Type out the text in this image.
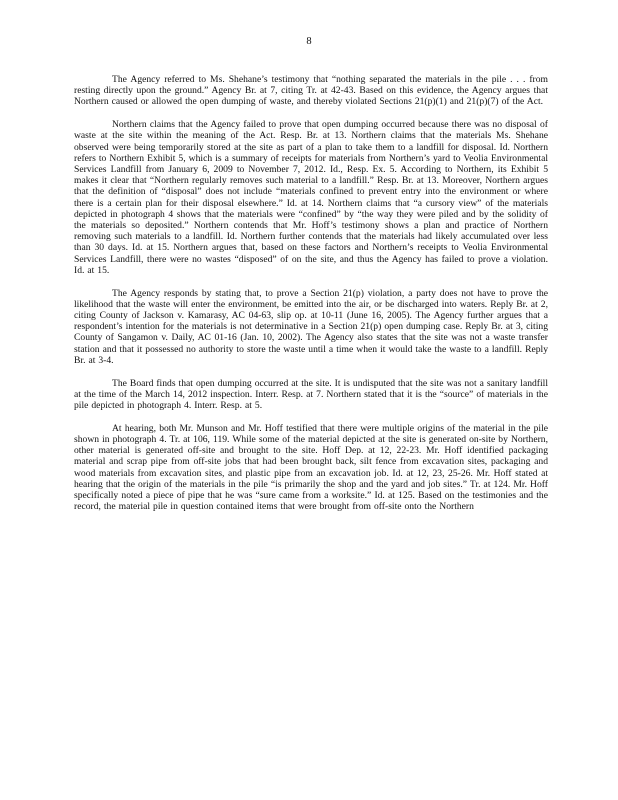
8

The Agency referred to Ms. Shehane’s testimony that “nothing separated the materials in the pile . . . from resting directly upon the ground.” Agency Br. at 7, citing Tr. at 42-43. Based on this evidence, the Agency argues that Northern caused or allowed the open dumping of waste, and thereby violated Sections 21(p)(1) and 21(p)(7) of the Act.

Northern claims that the Agency failed to prove that open dumping occurred because there was no disposal of waste at the site within the meaning of the Act. Resp. Br. at 13. Northern claims that the materials Ms. Shehane observed were being temporarily stored at the site as part of a plan to take them to a landfill for disposal. Id. Northern refers to Northern Exhibit 5, which is a summary of receipts for materials from Northern’s yard to Veolia Environmental Services Landfill from January 6, 2009 to November 7, 2012. Id., Resp. Ex. 5. According to Northern, its Exhibit 5 makes it clear that “Northern regularly removes such material to a landfill.” Resp. Br. at 13. Moreover, Northern argues that the definition of “disposal” does not include “materials confined to prevent entry into the environment or where there is a certain plan for their disposal elsewhere.” Id. at 14. Northern claims that “a cursory view” of the materials depicted in photograph 4 shows that the materials were “confined” by “the way they were piled and by the solidity of the materials so deposited.” Northern contends that Mr. Hoff’s testimony shows a plan and practice of Northern removing such materials to a landfill. Id. Northern further contends that the materials had likely accumulated over less than 30 days. Id. at 15. Northern argues that, based on these factors and Northern’s receipts to Veolia Environmental Services Landfill, there were no wastes “disposed” of on the site, and thus the Agency has failed to prove a violation. Id. at 15.

The Agency responds by stating that, to prove a Section 21(p) violation, a party does not have to prove the likelihood that the waste will enter the environment, be emitted into the air, or be discharged into waters. Reply Br. at 2, citing County of Jackson v. Kamarasy, AC 04-63, slip op. at 10-11 (June 16, 2005). The Agency further argues that a respondent’s intention for the materials is not determinative in a Section 21(p) open dumping case. Reply Br. at 3, citing County of Sangamon v. Daily, AC 01-16 (Jan. 10, 2002). The Agency also states that the site was not a waste transfer station and that it possessed no authority to store the waste until a time when it would take the waste to a landfill. Reply Br. at 3-4.

The Board finds that open dumping occurred at the site. It is undisputed that the site was not a sanitary landfill at the time of the March 14, 2012 inspection. Interr. Resp. at 7. Northern stated that it is the “source” of materials in the pile depicted in photograph 4. Interr. Resp. at 5.

At hearing, both Mr. Munson and Mr. Hoff testified that there were multiple origins of the material in the pile shown in photograph 4. Tr. at 106, 119. While some of the material depicted at the site is generated on-site by Northern, other material is generated off-site and brought to the site. Hoff Dep. at 12, 22-23. Mr. Hoff identified packaging material and scrap pipe from off-site jobs that had been brought back, silt fence from excavation sites, packaging and wood materials from excavation sites, and plastic pipe from an excavation job. Id. at 12, 23, 25-26. Mr. Hoff stated at hearing that the origin of the materials in the pile “is primarily the shop and the yard and job sites.” Tr. at 124. Mr. Hoff specifically noted a piece of pipe that he was “sure came from a worksite.” Id. at 125. Based on the testimonies and the record, the material pile in question contained items that were brought from off-site onto the Northern
